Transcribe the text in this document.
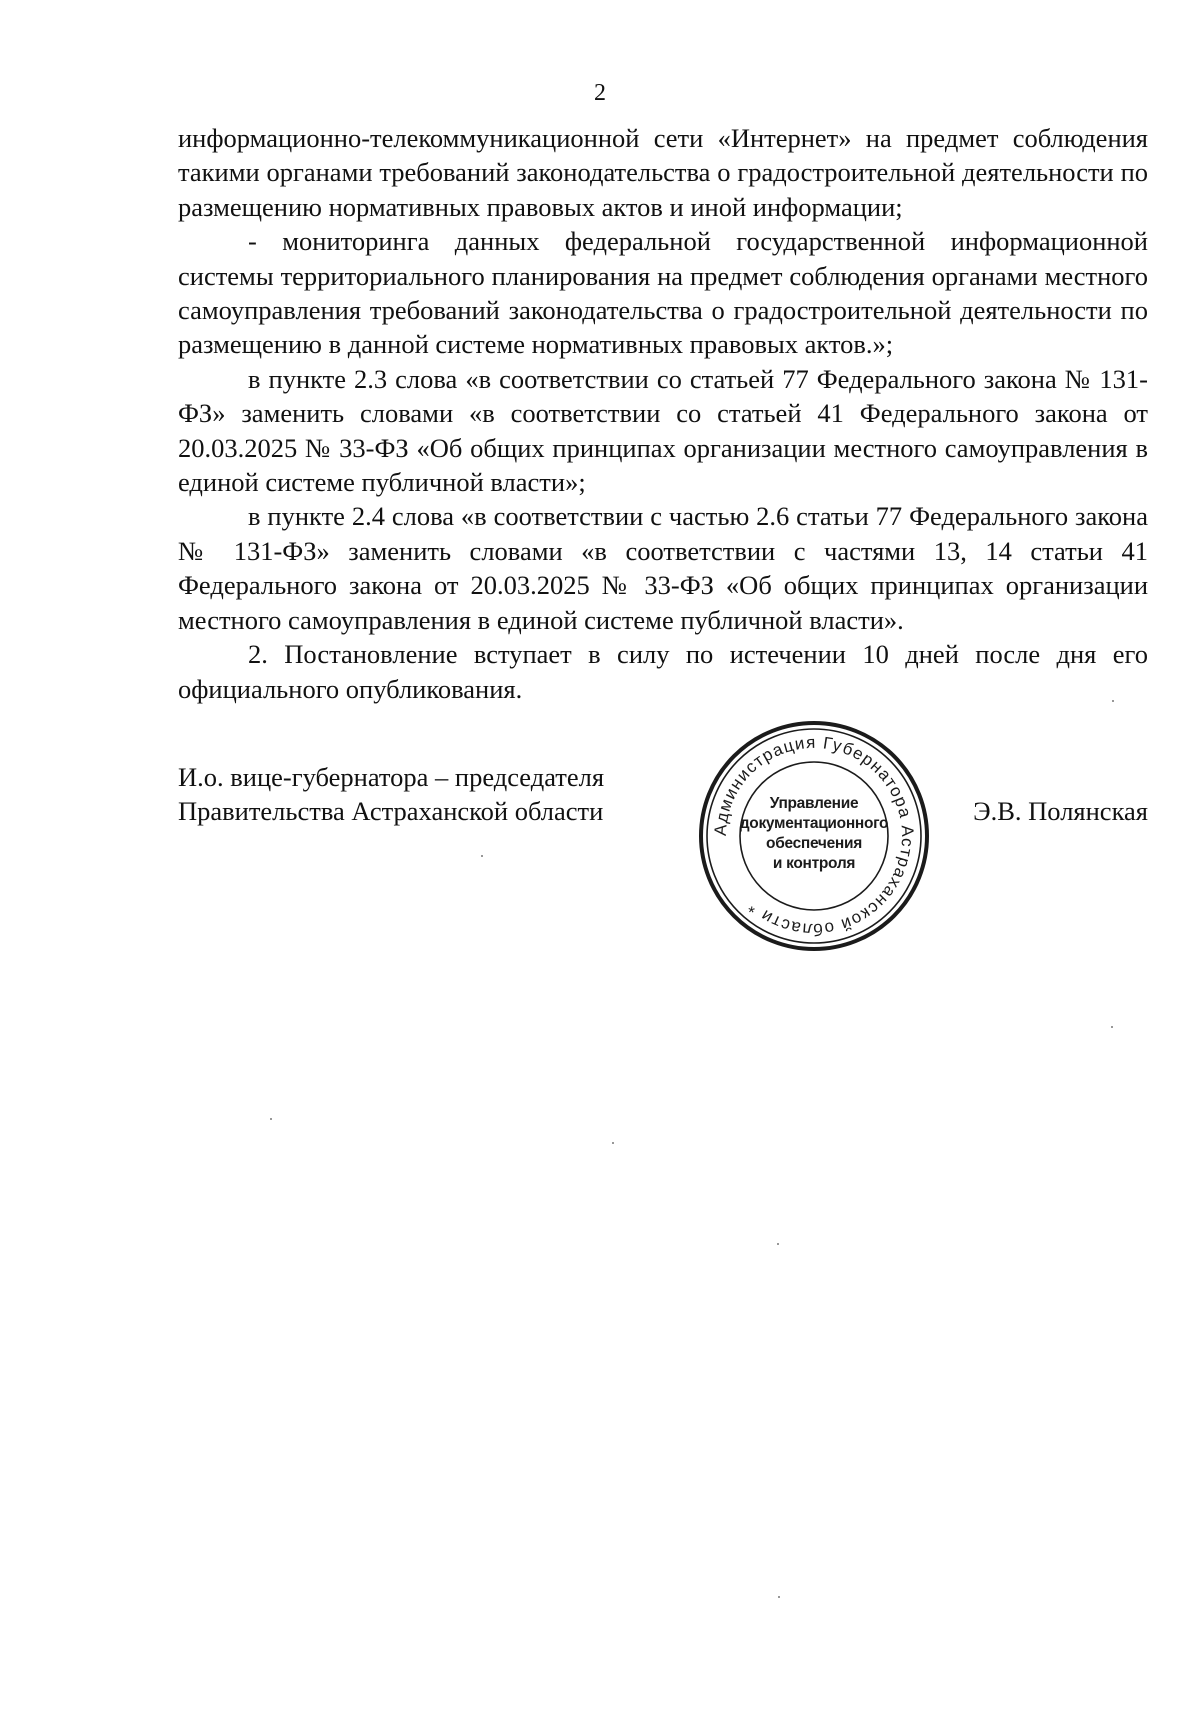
2

информационно-телекоммуникационной сети «Интернет» на предмет соблюдения такими органами требований законодательства о градостроительной деятельности по размещению нормативных правовых актов и иной информации;

- мониторинга данных федеральной государственной информационной системы территориального планирования на предмет соблюдения органами местного самоуправления требований законодательства о градостроительной деятельности по размещению в данной системе нормативных правовых актов.»;

в пункте 2.3 слова «в соответствии со статьей 77 Федерального закона № 131-ФЗ» заменить словами «в соответствии со статьей 41 Федерального закона от 20.03.2025 № 33-ФЗ «Об общих принципах организации местного самоуправления в единой системе публичной власти»;

в пункте 2.4 слова «в соответствии с частью 2.6 статьи 77 Федерального закона № 131-ФЗ» заменить словами «в соответствии с частями 13, 14 статьи 41 Федерального закона от 20.03.2025 № 33-ФЗ «Об общих принципах организации местного самоуправления в единой системе публичной власти».

2. Постановление вступает в силу по истечении 10 дней после дня его официального опубликования.

И.о. вице-губернатора – председателя
Правительства Астраханской области
Администрация Губернатора Астраханской области *
Управление
документационного
обеспечения
и контроля
Э.В. Полянская
